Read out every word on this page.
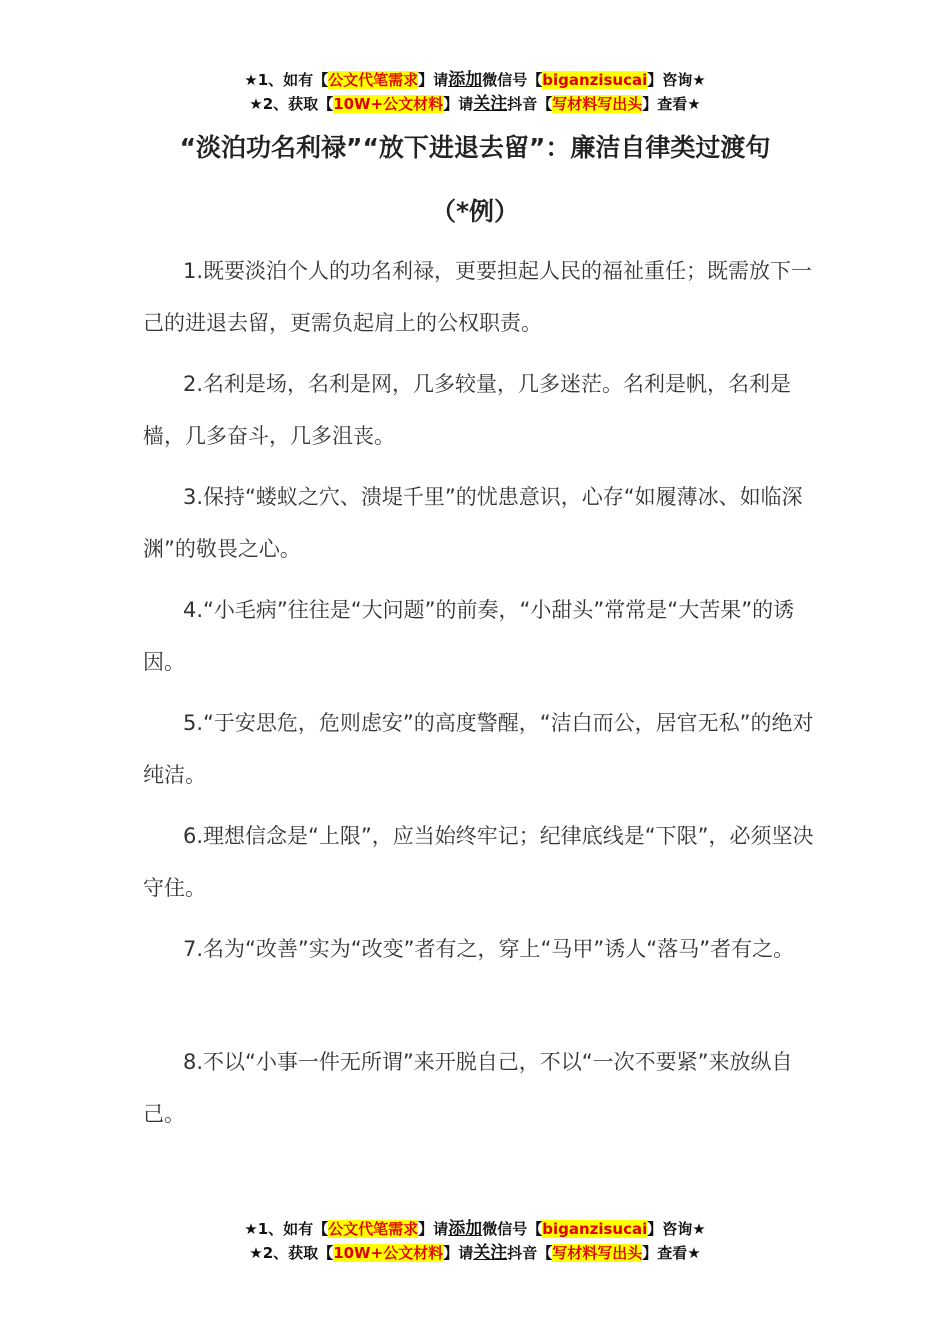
★1、如有【公文代笔需求】请添加微信号【biganzisucai】咨询★
★2、获取【10W+公文材料】请关注抖音【写材料写出头】查看★
“淡泊功名利禄”“放下进退去留”：廉洁自律类过渡句
（*例）

1.既要淡泊个人的功名利禄，更要担起人民的福祉重任；既需放下一己的进退去留，更需负起肩上的公权职责。

2.名利是场，名利是网，几多较量，几多迷茫。名利是帆，名利是樯，几多奋斗，几多沮丧。

3.保持“蝼蚁之穴、溃堤千里”的忧患意识，心存“如履薄冰、如临深渊”的敬畏之心。

4.“小毛病”往往是“大问题”的前奏，“小甜头”常常是“大苦果”的诱因。

5.“于安思危，危则虑安”的高度警醒，“洁白而公，居官无私”的绝对纯洁。

6.理想信念是“上限”，应当始终牢记；纪律底线是“下限”，必须坚决守住。

7.名为“改善”实为“改变”者有之，穿上“马甲”诱人“落马”者有之。

8.不以“小事一件无所谓”来开脱自己，不以“一次不要紧”来放纵自己。

★1、如有【公文代笔需求】请添加微信号【biganzisucai】咨询★
★2、获取【10W+公文材料】请关注抖音【写材料写出头】查看★
